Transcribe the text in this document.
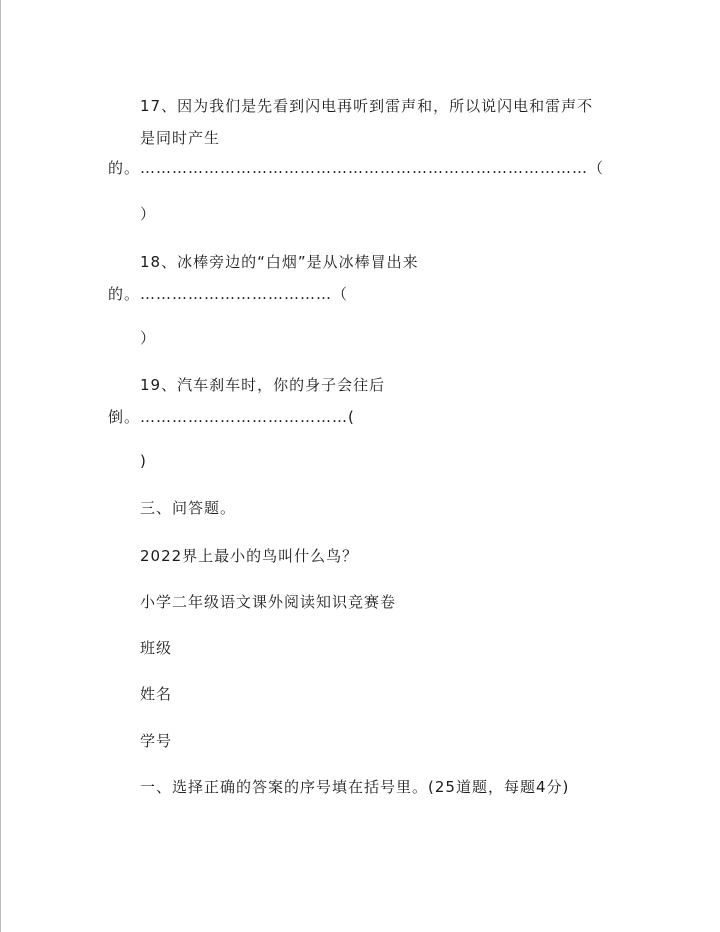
17、因为我们是先看到闪电再听到雷声和，所以说闪电和雷声不
是同时产生
的。…………………………………………………………………………（
）
18、冰棒旁边的“白烟”是从冰棒冒出来
的。………………………………（
）
19、汽车刹车时，你的身子会往后
倒。…………………………………(
)
三、问答题。
2022界上最小的鸟叫什么鸟？
小学二年级语文课外阅读知识竞赛卷
班级
姓名
学号
一、选择正确的答案的序号填在括号里。(25道题，每题4分)
